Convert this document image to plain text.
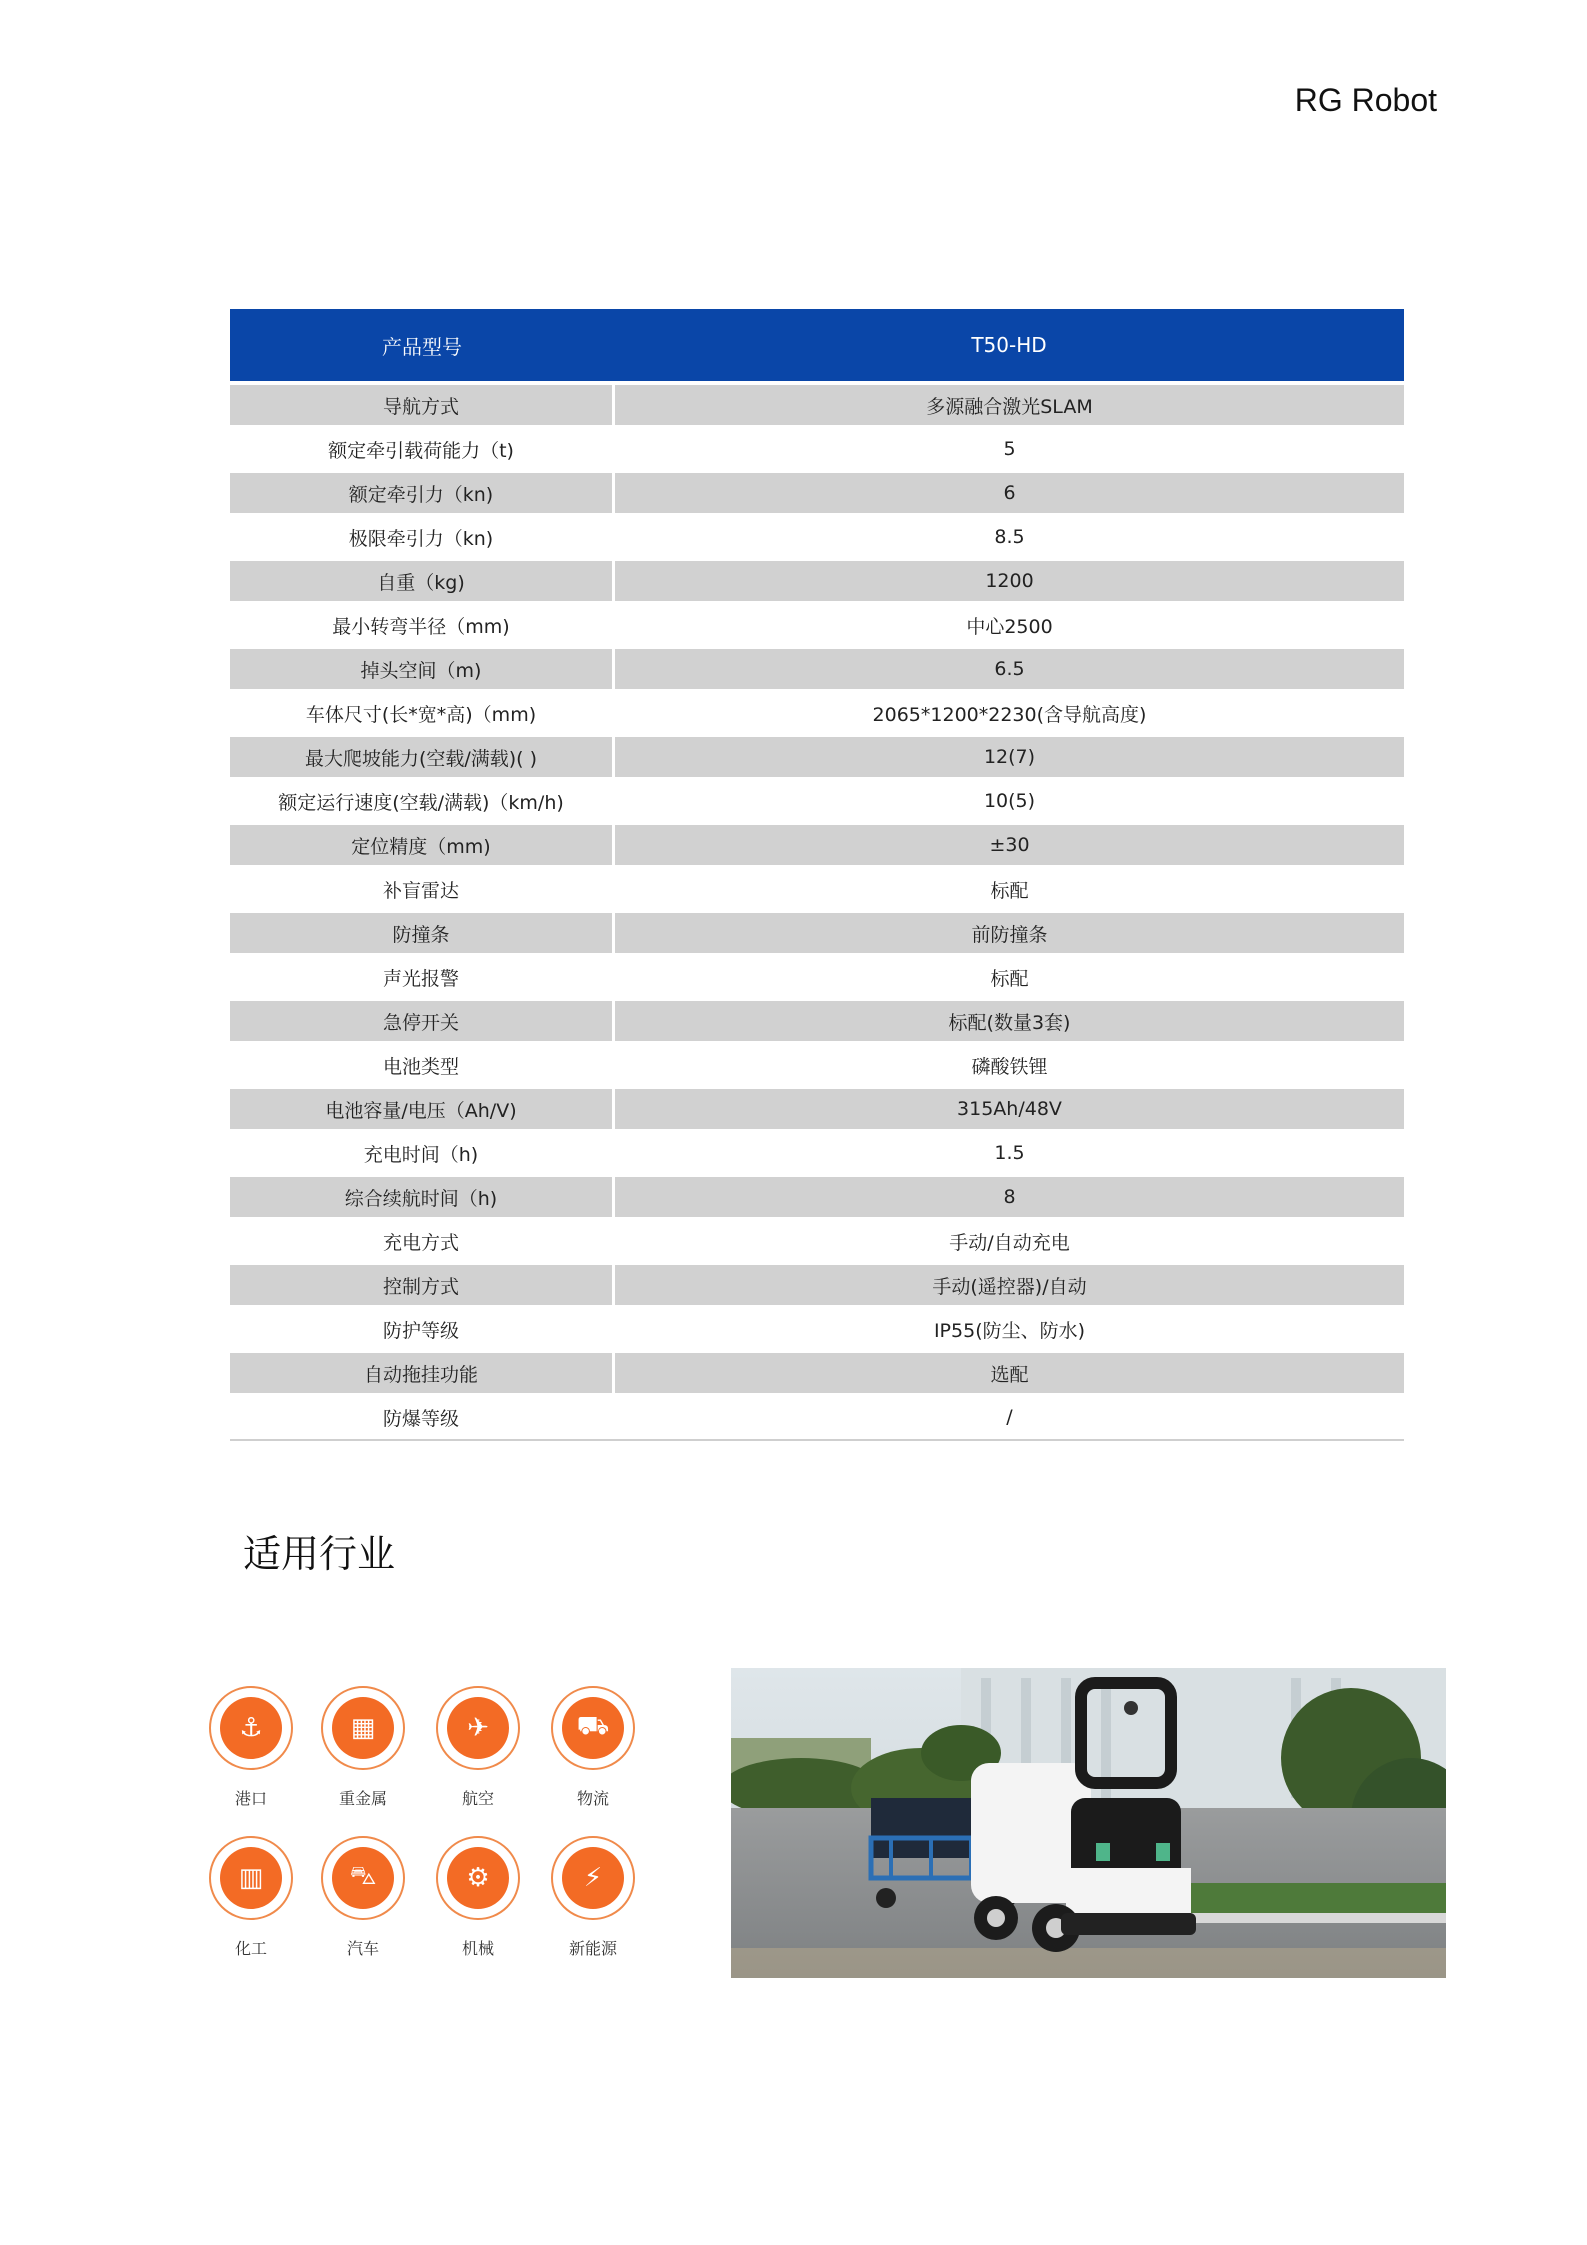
RG Robot
产品型号	T50-HD
导航方式	多源融合激光SLAM
额定牵引载荷能力（t)	5
额定牵引力（kn)	6
极限牵引力（kn)	8.5
自重（kg)	1200
最小转弯半径（mm)	中心2500
掉头空间（m)	6.5
车体尺寸(长*宽*高)（mm)	2065*1200*2230(含导航高度)
最大爬坡能力(空载/满载)( )	12(7)
额定运行速度(空载/满载)（km/h)	10(5)
定位精度（mm)	±30
补盲雷达	标配
防撞条	前防撞条
声光报警	标配
急停开关	标配(数量3套)
电池类型	磷酸铁锂
电池容量/电压（Ah/V)	315Ah/48V
充电时间（h)	1.5
综合续航时间（h)	8
充电方式	手动/自动充电
控制方式	手动(遥控器)/自动
防护等级	IP55(防尘、防水)
自动拖挂功能	选配
防爆等级	/
适用行业
⚓
港口
▦
重金属
✈
航空
⛟
物流
▥
化工
⛍
汽车
⚙
机械
⚡
新能源
